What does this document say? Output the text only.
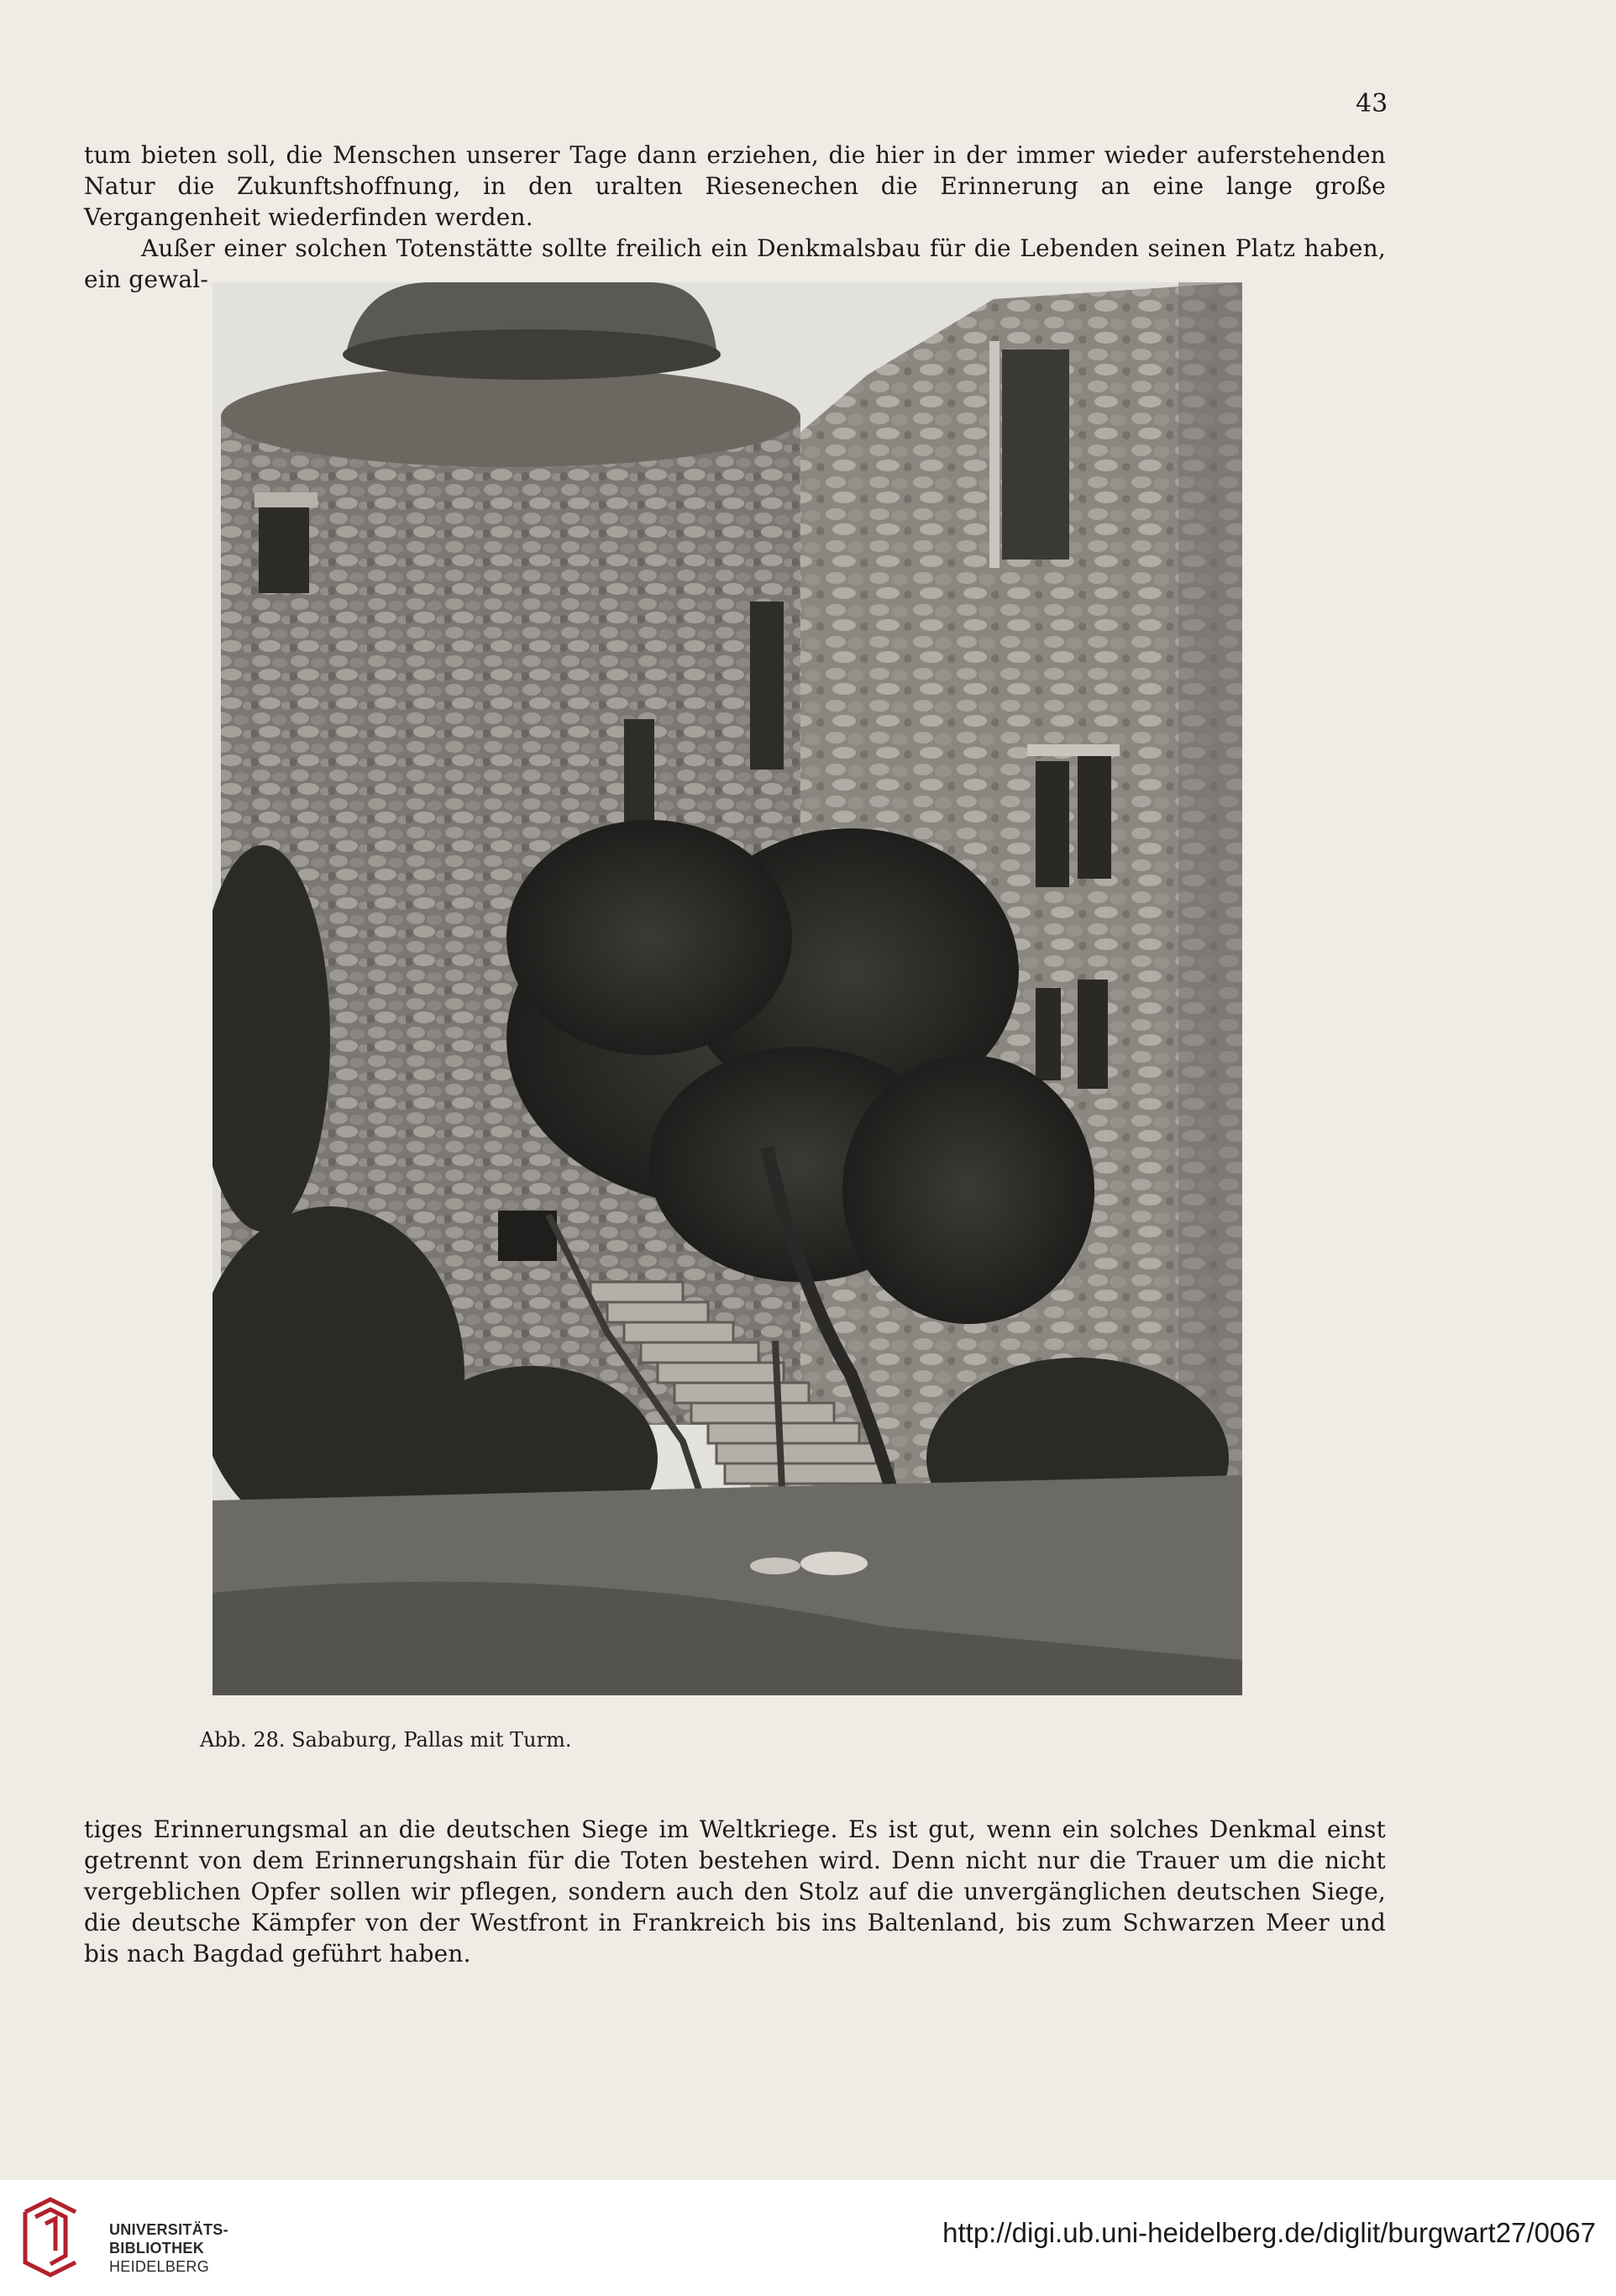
43

tum bieten soll, die Menschen unserer Tage dann erziehen, die hier in der immer wieder auferstehenden Natur die Zukunftshoffnung, in den uralten Riesenechen die Erinnerung an eine lange große Vergangenheit wiederfinden werden.

Außer einer solchen Totenstätte sollte freilich ein Denkmalsbau für die Lebenden seinen Platz haben, ein gewal-

Abb. 28. Sababurg, Pallas mit Turm.

tiges Erinnerungsmal an die deutschen Siege im Weltkriege. Es ist gut, wenn ein solches Denkmal einst getrennt von dem Erinnerungshain für die Toten bestehen wird. Denn nicht nur die Trauer um die nicht vergeblichen Opfer sollen wir pflegen, sondern auch den Stolz auf die unvergänglichen deutschen Siege, die deutsche Kämpfer von der Westfront in Frankreich bis ins Baltenland, bis zum Schwarzen Meer und bis nach Bagdad geführt haben.

UNIVERSITÄTS-
BIBLIOTHEK
HEIDELBERG
http://digi.ub.uni-heidelberg.de/diglit/burgwart27/0067
